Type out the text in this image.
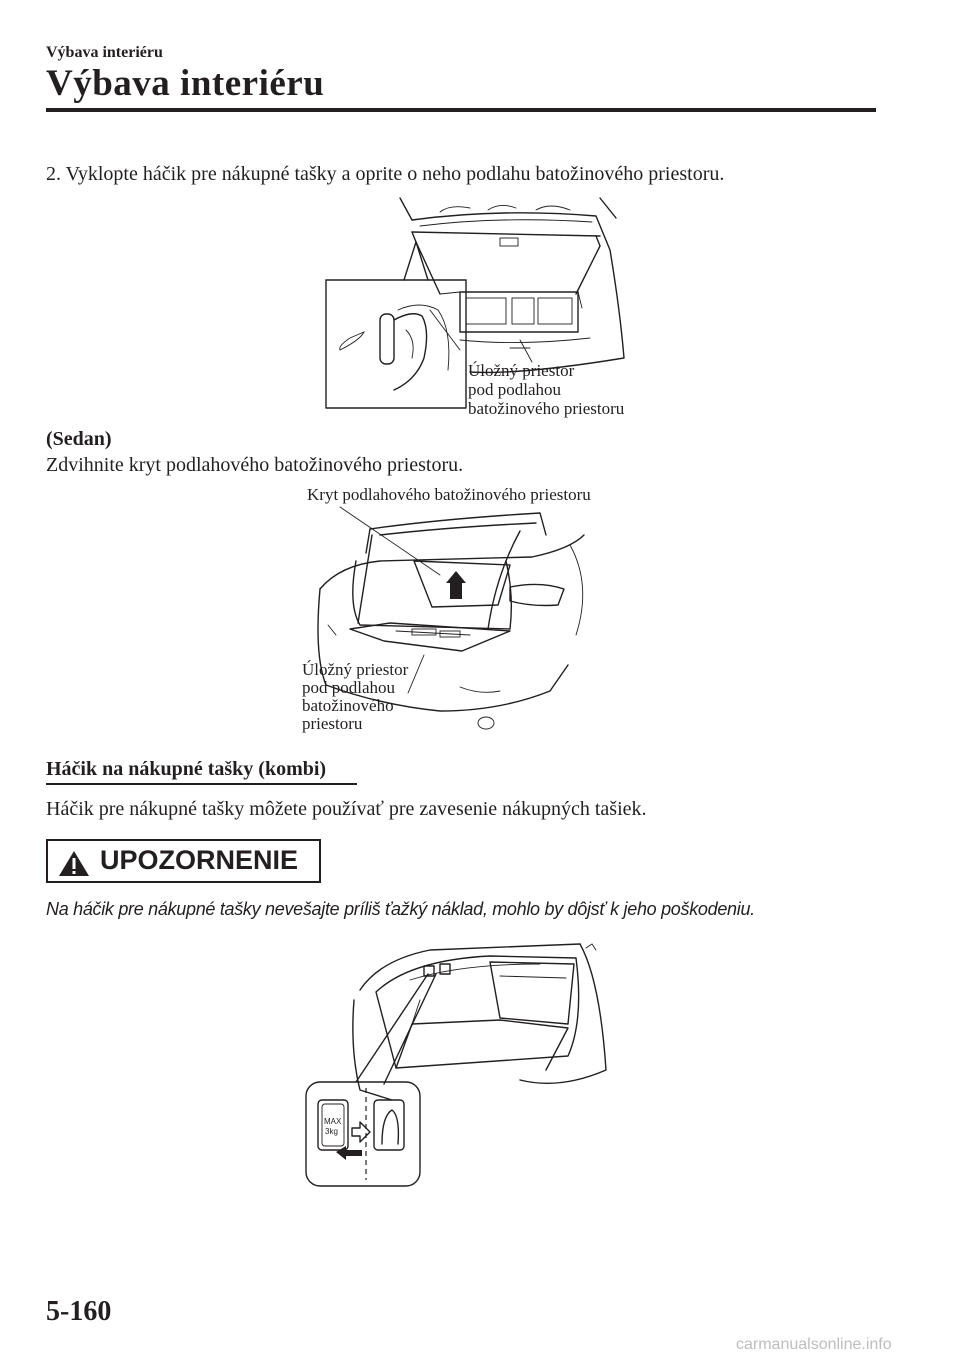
Výbava interiéru
Výbava interiéru
2. Vyklopte háčik pre nákupné tašky a oprite o neho podlahu batožinového priestoru.
Úložný priestor
pod podlahou
batožinového priestoru
(Sedan)
Zdvihnite kryt podlahového batožinového priestoru.
Kryt podlahového batožinového priestoru
Úložný priestor
pod podlahou
batožinového
priestoru
Háčik na nákupné tašky (kombi)
Háčik pre nákupné tašky môžete používať pre zavesenie nákupných tašiek.
UPOZORNENIE
Na háčik pre nákupné tašky nevešajte príliš ťažký náklad, mohlo by dôjsť k jeho poškodeniu.
MAX
3kg
5-160
carmanualsonline.info
